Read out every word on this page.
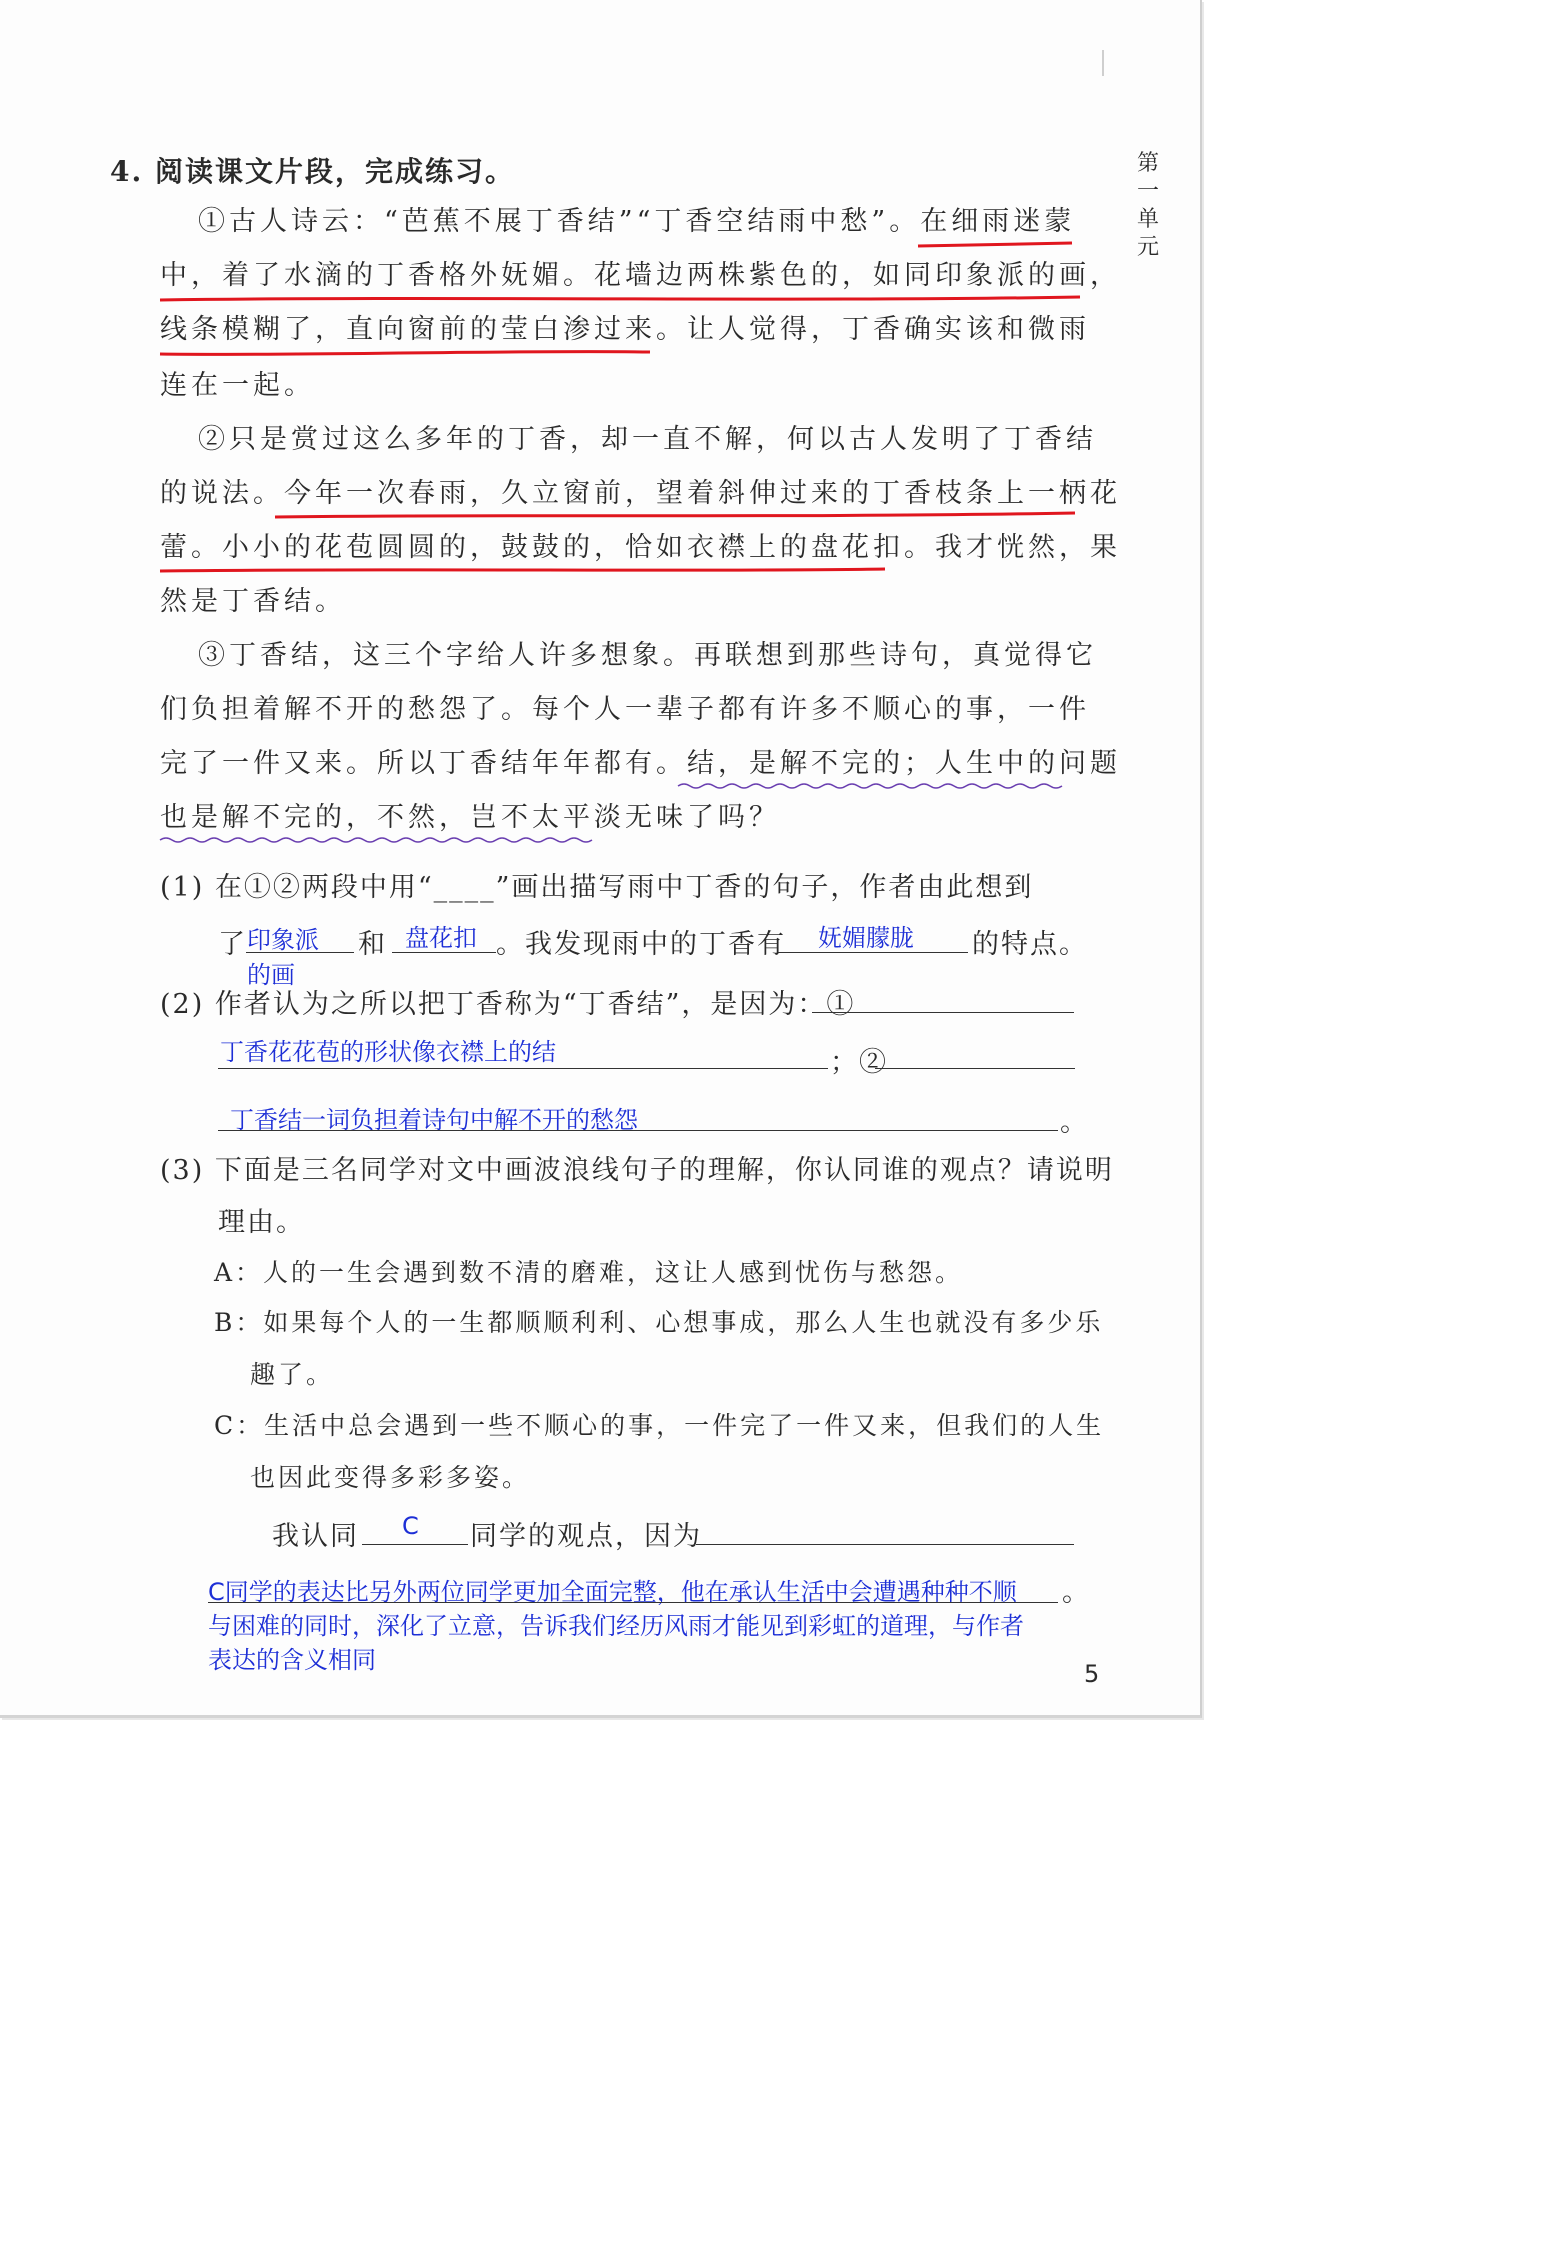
4. 阅读课文片段，完成练习。	第一单元
①古人诗云：“芭蕉不展丁香结”“丁香空结雨中愁”。在细雨迷蒙
中，着了水滴的丁香格外妩媚。花墙边两株紫色的，如同印象派的画，
线条模糊了，直向窗前的莹白渗过来。让人觉得，丁香确实该和微雨
连在一起。
②只是赏过这么多年的丁香，却一直不解，何以古人发明了丁香结
的说法。今年一次春雨，久立窗前，望着斜伸过来的丁香枝条上一柄花
蕾。小小的花苞圆圆的，鼓鼓的，恰如衣襟上的盘花扣。我才恍然，果
然是丁香结。
③丁香结，这三个字给人许多想象。再联想到那些诗句，真觉得它
们负担着解不开的愁怨了。每个人一辈子都有许多不顺心的事，一件
完了一件又来。所以丁香结年年都有。结，是解不完的；人生中的问题
也是解不完的，不然，岂不太平淡无味了吗？
(1) 在①②两段中用“____”画出描写雨中丁香的句子，作者由此想到
了 印象派
的画
和 盘花扣 。我发现雨中的丁香有 妩媚朦胧 的特点。
(2) 作者认为之所以把丁香称为“丁香结”，是因为：①
丁香花花苞的形状像衣襟上的结	；②
丁香结一词负担着诗句中解不开的愁怨	。
(3) 下面是三名同学对文中画波浪线句子的理解，你认同谁的观点？请说明
理由。
A：人的一生会遇到数不清的磨难，这让人感到忧伤与愁怨。
B：如果每个人的一生都顺顺利利、心想事成，那么人生也就没有多少乐
趣了。
C：生活中总会遇到一些不顺心的事，一件完了一件又来，但我们的人生
也因此变得多彩多姿。
我认同 C 同学的观点，因为
C同学的表达比另外两位同学更加全面完整，他在承认生活中会遭遇种种不顺 。
与困难的同时，深化了立意，告诉我们经历风雨才能见到彩虹的道理，与作者
表达的含义相同	5
